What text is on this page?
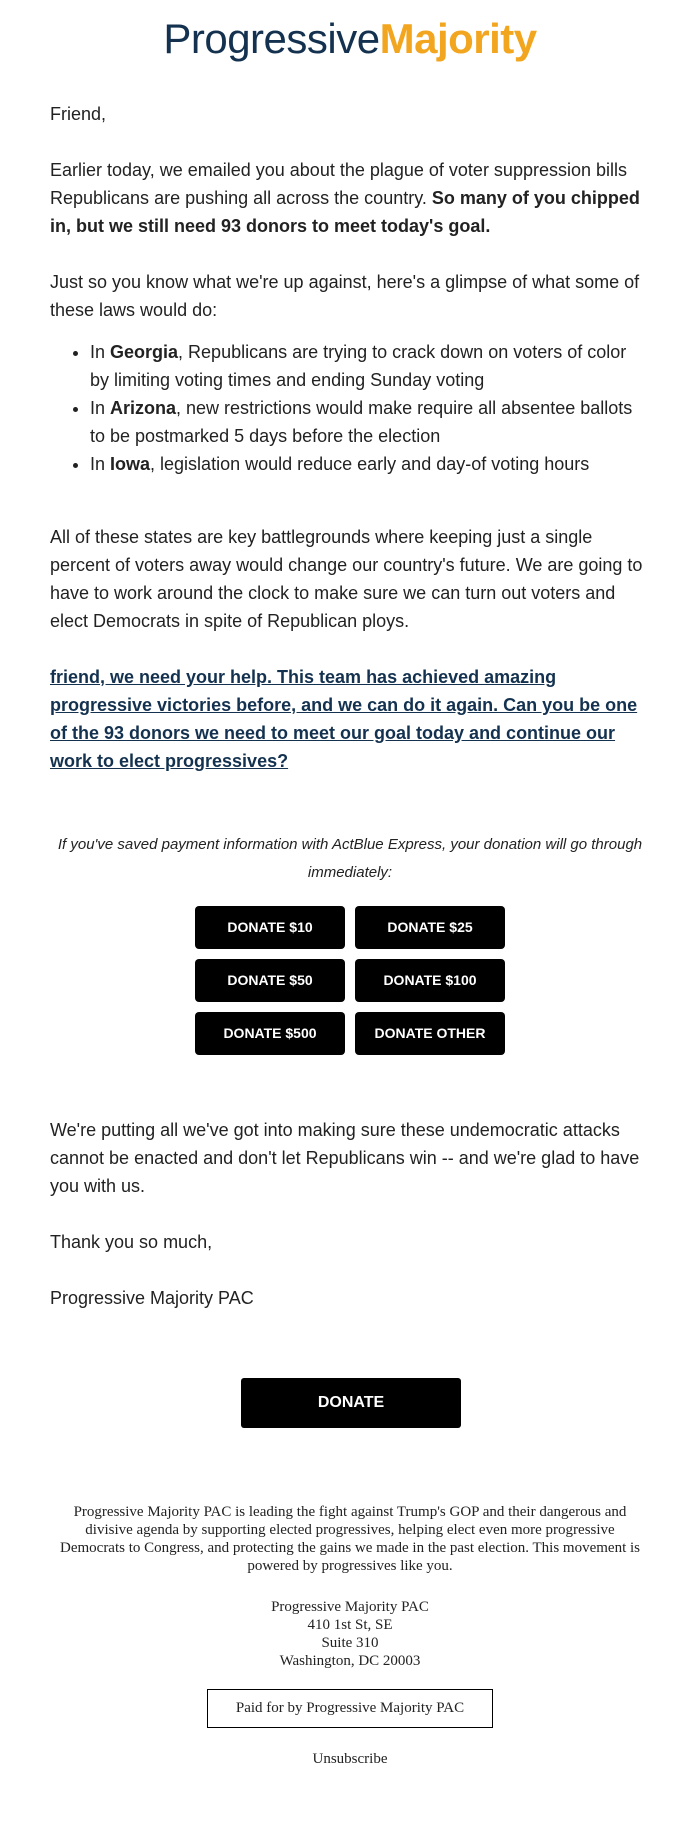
ProgressiveMajority

Friend,

Earlier today, we emailed you about the plague of voter suppression bills Republicans are pushing all across the country. So many of you chipped in, but we still need 93 donors to meet today's goal.

Just so you know what we're up against, here's a glimpse of what some of these laws would do:

• In Georgia, Republicans are trying to crack down on voters of color by limiting voting times and ending Sunday voting
• In Arizona, new restrictions would make require all absentee ballots to be postmarked 5 days before the election
• In Iowa, legislation would reduce early and day-of voting hours

All of these states are key battlegrounds where keeping just a single percent of voters away would change our country's future. We are going to have to work around the clock to make sure we can turn out voters and elect Democrats in spite of Republican ploys.

friend, we need your help. This team has achieved amazing progressive victories before, and we can do it again. Can you be one of the 93 donors we need to meet our goal today and continue our work to elect progressives?
If you've saved payment information with ActBlue Express, your donation will go through immediately:
DONATE $10	DONATE $25
DONATE $50	DONATE $100
DONATE $500	DONATE OTHER

We're putting all we've got into making sure these undemocratic attacks cannot be enacted and don't let Republicans win -- and we're glad to have you with us.

Thank you so much,

Progressive Majority PAC

DONATE
Progressive Majority PAC is leading the fight against Trump's GOP and their dangerous and divisive agenda by supporting elected progressives, helping elect even more progressive Democrats to Congress, and protecting the gains we made in the past election. This movement is powered by progressives like you.
Progressive Majority PAC
410 1st St, SE
Suite 310
Washington, DC 20003
Paid for by Progressive Majority PAC
Unsubscribe
